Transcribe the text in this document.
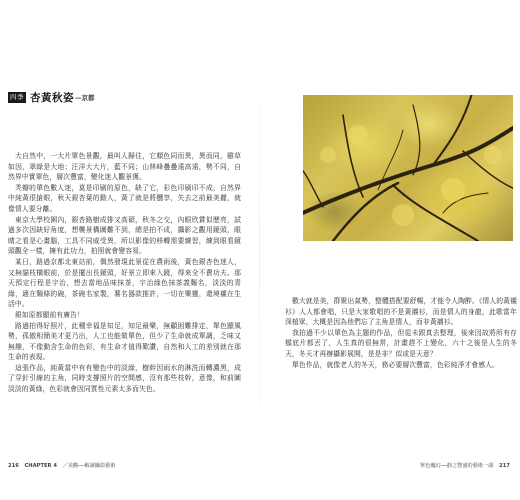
四季 杏黃秋姿 —京都

大自然中，一大片單色景觀，最叫人歸往，它顏色同而異，異而同，雖草如因，翠綠是大地；汪洋大大片，藍不同；山林峰疊疊遠高遠，勢不同，自然界中實單色，層次豐富，變化迷人觀景獲。

秃瓣的單色數人迷，莫是印刷的原色，缺了它，彩色印刷印不成，自然界中純黃很搶眼，秋天銀杏葉的動人，黃了就是將醺享，失去之前最美麗，就像情人要分離。

東京大學校園內，銀杏路樹成排又高碩，秋冬之交，內眼欣賞似歷亮，試過多次因缺好角度，想襲景構圖難不到，總是拍不成，攝影之觀用鏡頭，眼睛之看是心畫腦，工具不同威受異，所以影像的移轉需要練習，練到眼看鏡頭觀全一樣，擁有此功力，拍照就會變容易。

某日，路過京都北東站前，偶然發現此景從在農雨後，黃色銀杏色迷人，又無貓枝橫眼前，於是擺出長鏡頭，好景立即來入鏡，得來全不費功夫。那天預定行程是宇治，想去當地品味抹茶，宇治綠色抹茶義麵名，淡淡的青綠，適在麵條的碗，茶碗名家製，薯名器款推許，一切在樂靈，還境襯在生活中。

銀如原都顯前有廣告！

路過拍得好照片，此種幸福是知足，知足最樂，無顧困難排定，單色顯風勢，孤傲相簡美才更乃出，人工也能做單色，但少了生命就成單調，乏味又無趣，不像動含生命的色彩，有生命才值得歎讚，自然和人工的差別就在那生命的表現。

這張作品，純黃當中有有變色中的淡綠，樹幹因雨水的淋洗而轉濃黑，成了穿針引線的主角，同時支撐照片的空間感，沒有那些枝幹，意像，和前圖淡淡的黃綠，色彩就會因同質性元素太多而失色。

216 CHAPTER 4 ／美觀──解讀攝影藝術

數大就是美，群聚出氣勢，整體搭配要舒暢，才能令人陶醉。《情人的黃襯衫》人人都會唱，只是大家歌唱的不是黃襯衫，而是情人的身龍，此歌當年深植眾，大概是因為他們忘了主角是情人，而非黃襯衫。

我拍過不少以單色為主題的作品，但從未跟真去整理，後來因故將所有存檔底片都丟了，人生真的很無常，計畫趕不上變化，六十之後是人生的冬天，冬天才再辦攝影展開，是是非？似或是天意？

單色作品，就像老人的冬天，務必要層次豐富，色彩純淨才會感人。

單色魔幻──靜之豐盛的藝術一頭 217
